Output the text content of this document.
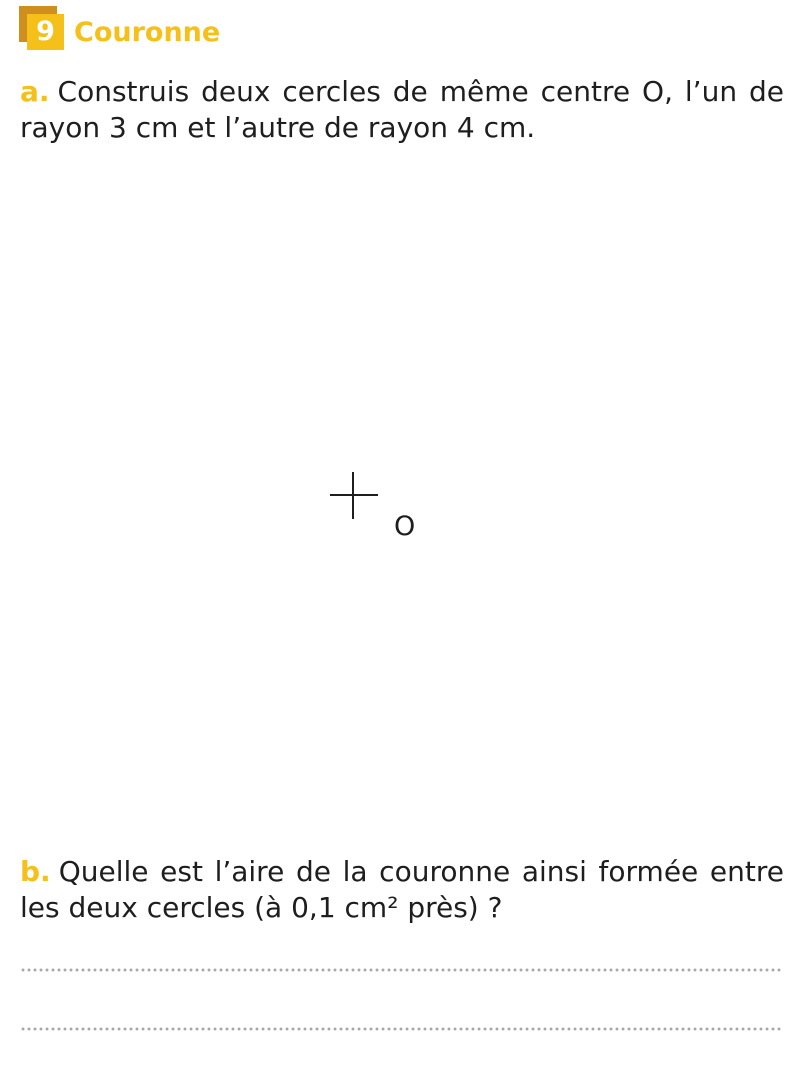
9 Couronne

a. Construis deux cercles de même centre O, l’un de rayon 3 cm et l’autre de rayon 4 cm.

O

b. Quelle est l’aire de la couronne ainsi formée entre les deux cercles (à 0,1 cm² près) ?
